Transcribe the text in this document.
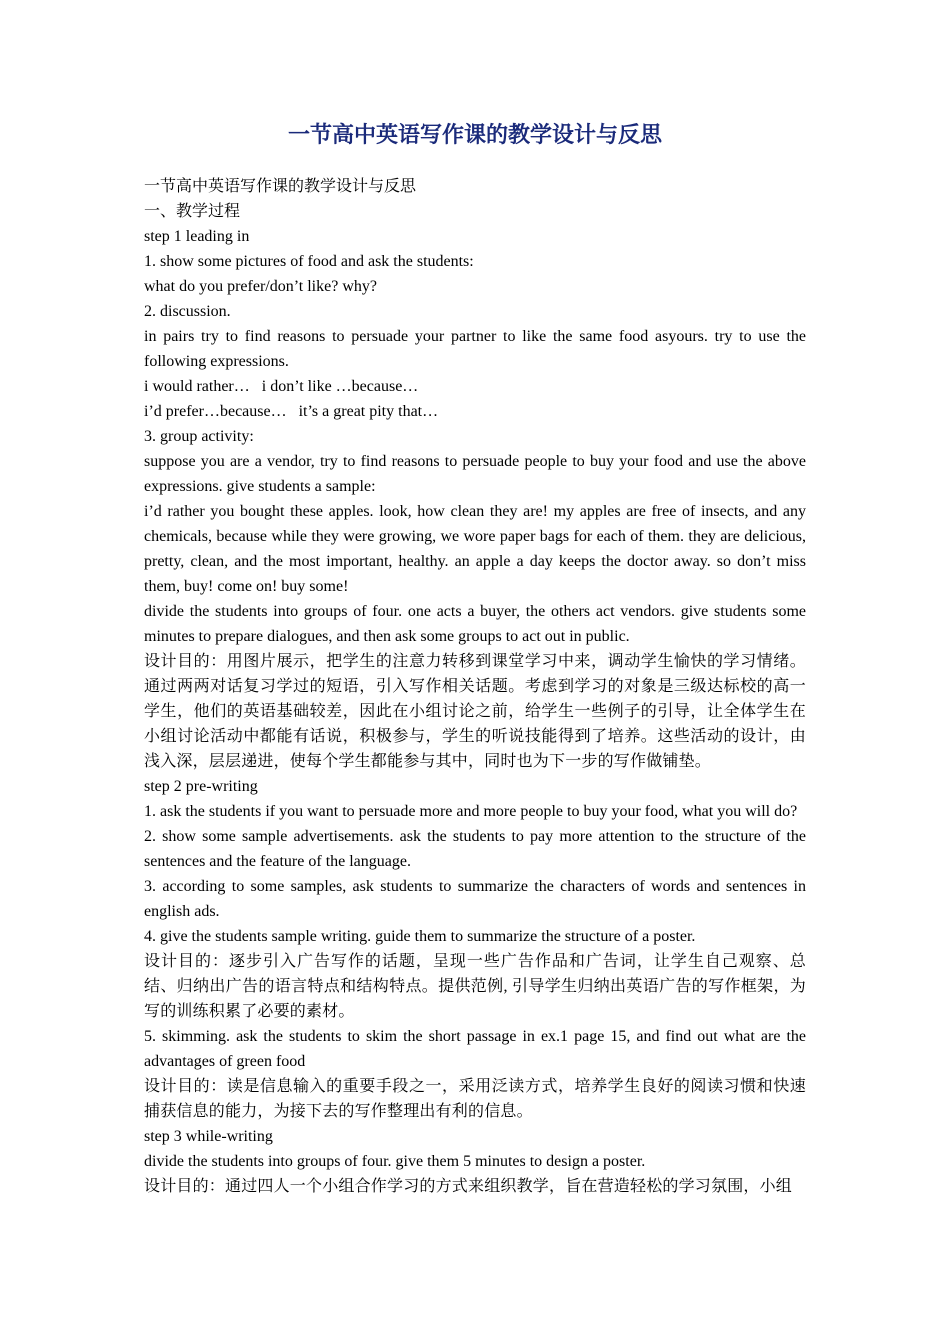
一节高中英语写作课的教学设计与反思

一节高中英语写作课的教学设计与反思

一、教学过程

step 1 leading in

1. show some pictures of food and ask the students:

what do you prefer/don’t like? why?

2. discussion.

in pairs try to find reasons to persuade your partner to like the same food asyours. try to use the following expressions.

i would rather…   i don’t like …because…

i’d prefer…because…   it’s a great pity that…

3. group activity:

suppose you are a vendor, try to find reasons to persuade people to buy your food and use the above expressions. give students a sample:

i’d rather you bought these apples. look, how clean they are! my apples are free of insects, and any chemicals, because while they were growing, we wore paper bags for each of them. they are delicious, pretty, clean, and the most important, healthy. an apple a day keeps the doctor away. so don’t miss them, buy! come on! buy some!

divide the students into groups of four. one acts a buyer, the others act vendors. give students some minutes to prepare dialogues, and then ask some groups to act out in public.

设计目的：用图片展示，把学生的注意力转移到课堂学习中来，调动学生愉快的学习情绪。通过两两对话复习学过的短语，引入写作相关话题。考虑到学习的对象是三级达标校的高一学生，他们的英语基础较差，因此在小组讨论之前，给学生一些例子的引导，让全体学生在小组讨论活动中都能有话说，积极参与，学生的听说技能得到了培养。这些活动的设计，由浅入深，层层递进，使每个学生都能参与其中，同时也为下一步的写作做铺垫。

step 2 pre-writing

1. ask the students if you want to persuade more and more people to buy your food, what you will do?

2. show some sample advertisements. ask the students to pay more attention to the structure of the sentences and the feature of the language.

3. according to some samples, ask students to summarize the characters of words and sentences in english ads.

4. give the students sample writing. guide them to summarize the structure of a poster.

设计目的：逐步引入广告写作的话题，呈现一些广告作品和广告词，让学生自己观察、总结、归纳出广告的语言特点和结构特点。提供范例, 引导学生归纳出英语广告的写作框架，为写的训练积累了必要的素材。

5. skimming. ask the students to skim the short passage in ex.1 page 15, and find out what are the advantages of green food

设计目的：读是信息输入的重要手段之一，采用泛读方式，培养学生良好的阅读习惯和快速捕获信息的能力，为接下去的写作整理出有利的信息。

step 3 while-writing

divide the students into groups of four. give them 5 minutes to design a poster.

设计目的：通过四人一个小组合作学习的方式来组织教学，旨在营造轻松的学习氛围，小组
